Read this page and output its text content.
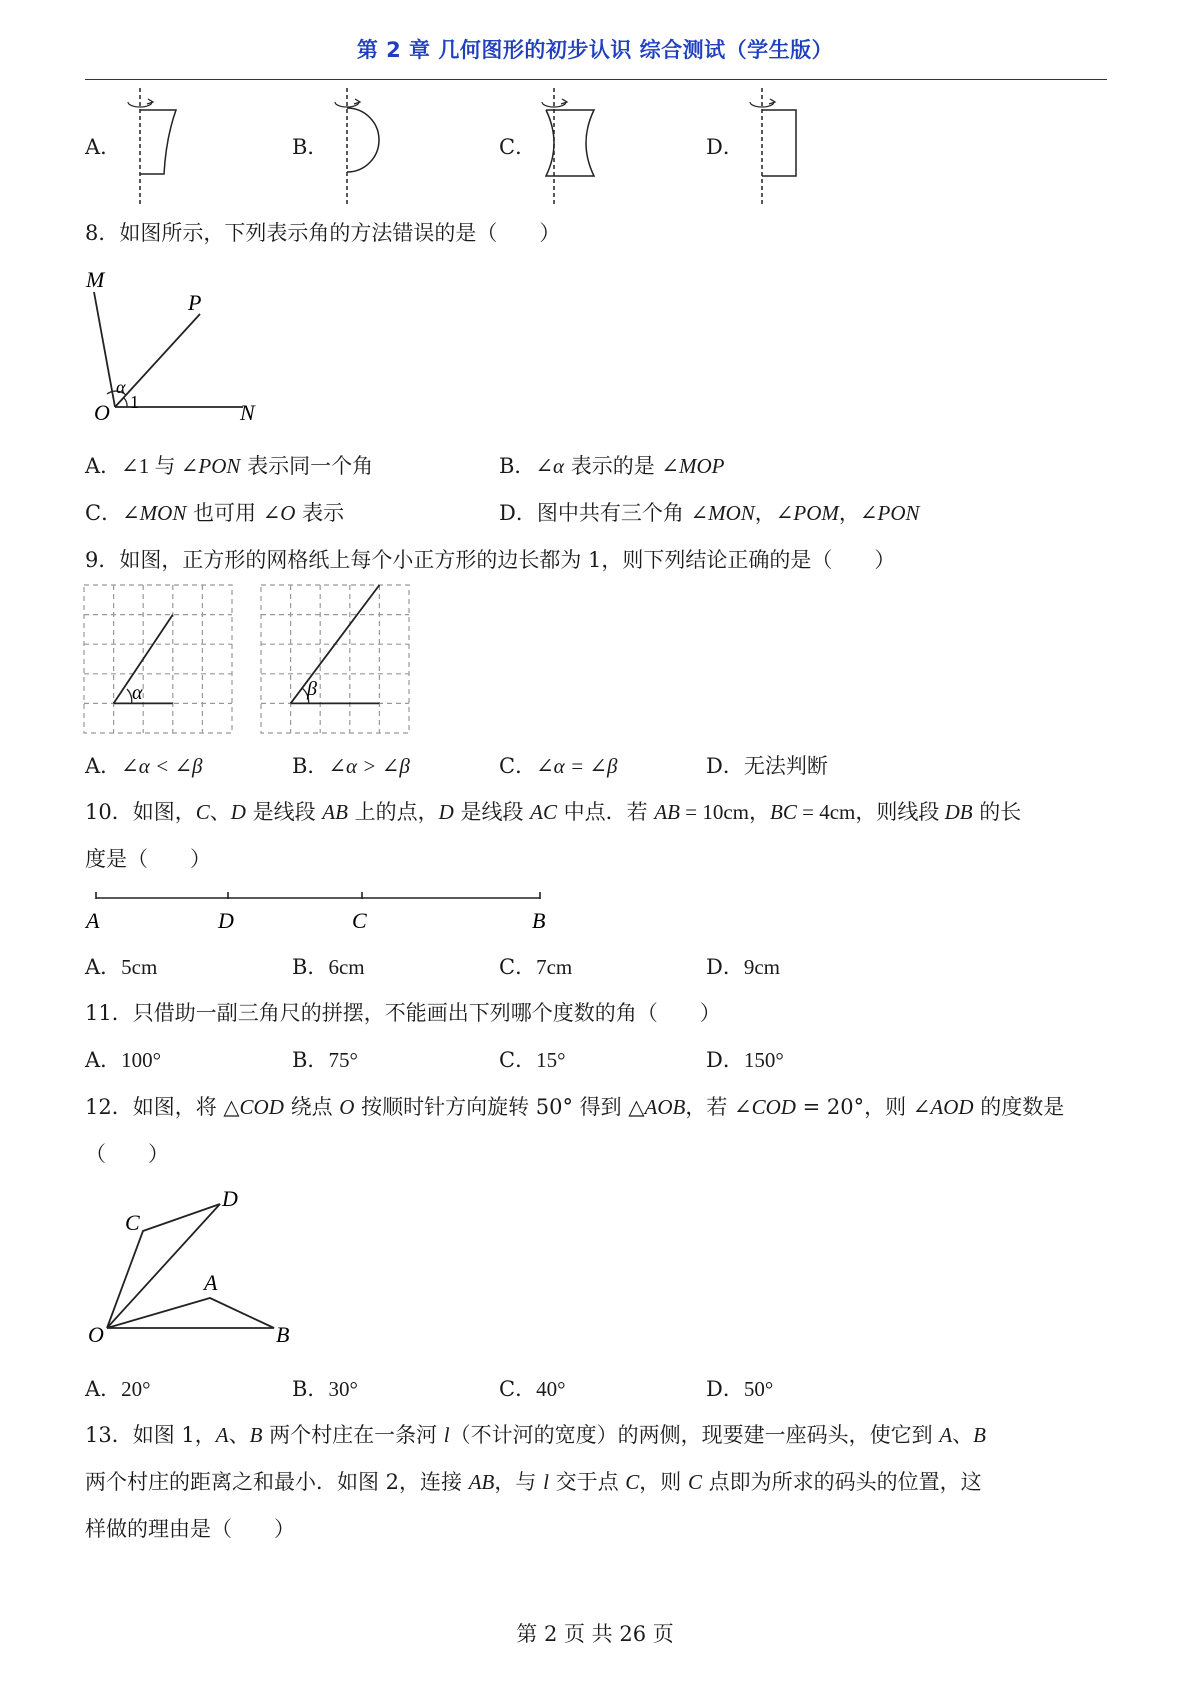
第 2 章 几何图形的初步认识 综合测试（学生版）
A．	B．	C．	D．
8．如图所示，下列表示角的方法错误的是（　　）
M
P
O	N
α
1
A．∠1 与 ∠PON 表示同一个角	B．∠α 表示的是 ∠MOP
C．∠MON 也可用 ∠O 表示	D．图中共有三个角 ∠MON，∠POM，∠PON
9．如图，正方形的网格纸上每个小正方形的边长都为 1，则下列结论正确的是（　　）
α	β
A．∠α < ∠β	B．∠α > ∠β	C．∠α = ∠β	D．无法判断
10．如图，C、D 是线段 AB 上的点，D 是线段 AC 中点．若 AB = 10cm，BC = 4cm，则线段 DB 的长
度是（　　）
A	D	C	B
A．5cm	B．6cm	C．7cm	D．9cm
11．只借助一副三角尺的拼摆，不能画出下列哪个度数的角（　　）
A．100°	B．75°	C．15°	D．150°
12．如图，将 △COD 绕点 O 按顺时针方向旋转 50° 得到 △AOB，若 ∠COD = 20°，则 ∠AOD 的度数是
（　　）
O
C
D
A
B
A．20°	B．30°	C．40°	D．50°
13．如图 1，A、B 两个村庄在一条河 l（不计河的宽度）的两侧，现要建一座码头，使它到 A、B
两个村庄的距离之和最小．如图 2，连接 AB，与 l 交于点 C，则 C 点即为所求的码头的位置，这
样做的理由是（　　）
第 2 页 共 26 页
